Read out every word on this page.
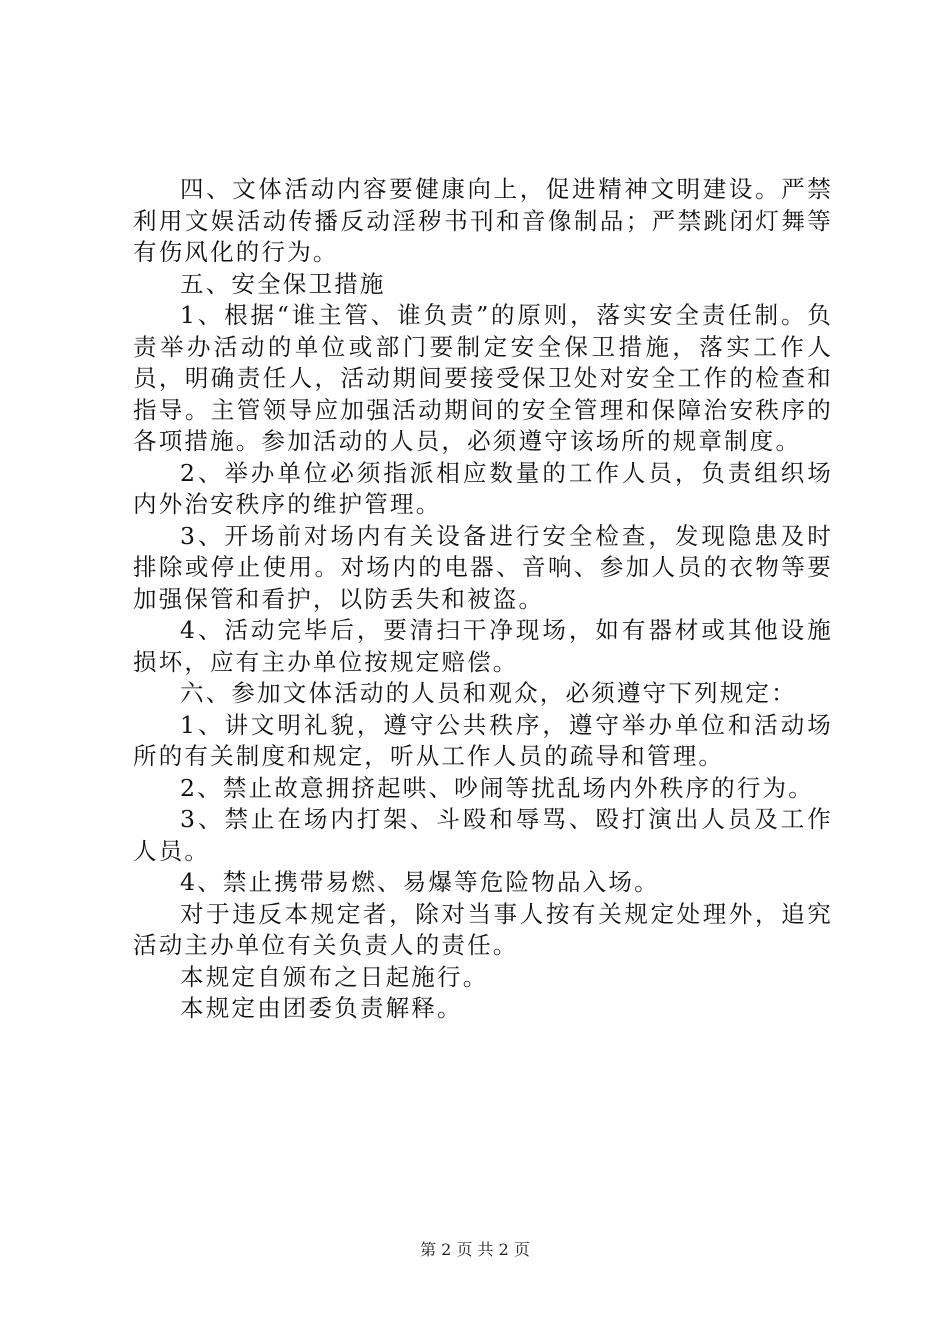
四、文体活动内容要健康向上，促进精神文明建设。严禁利用文娱活动传播反动淫秽书刊和音像制品；严禁跳闭灯舞等有伤风化的行为。

五、安全保卫措施

1、根据“谁主管、谁负责”的原则，落实安全责任制。负责举办活动的单位或部门要制定安全保卫措施，落实工作人员，明确责任人，活动期间要接受保卫处对安全工作的检查和指导。主管领导应加强活动期间的安全管理和保障治安秩序的各项措施。参加活动的人员，必须遵守该场所的规章制度。

2、举办单位必须指派相应数量的工作人员，负责组织场内外治安秩序的维护管理。

3、开场前对场内有关设备进行安全检查，发现隐患及时排除或停止使用。对场内的电器、音响、参加人员的衣物等要加强保管和看护，以防丢失和被盗。

4、活动完毕后，要清扫干净现场，如有器材或其他设施损坏，应有主办单位按规定赔偿。

六、参加文体活动的人员和观众，必须遵守下列规定：

1、讲文明礼貌，遵守公共秩序，遵守举办单位和活动场所的有关制度和规定，听从工作人员的疏导和管理。

2、禁止故意拥挤起哄、吵闹等扰乱场内外秩序的行为。

3、禁止在场内打架、斗殴和辱骂、殴打演出人员及工作人员。

4、禁止携带易燃、易爆等危险物品入场。

对于违反本规定者，除对当事人按有关规定处理外，追究活动主办单位有关负责人的责任。

本规定自颁布之日起施行。

本规定由团委负责解释。

第 2 页 共 2 页
